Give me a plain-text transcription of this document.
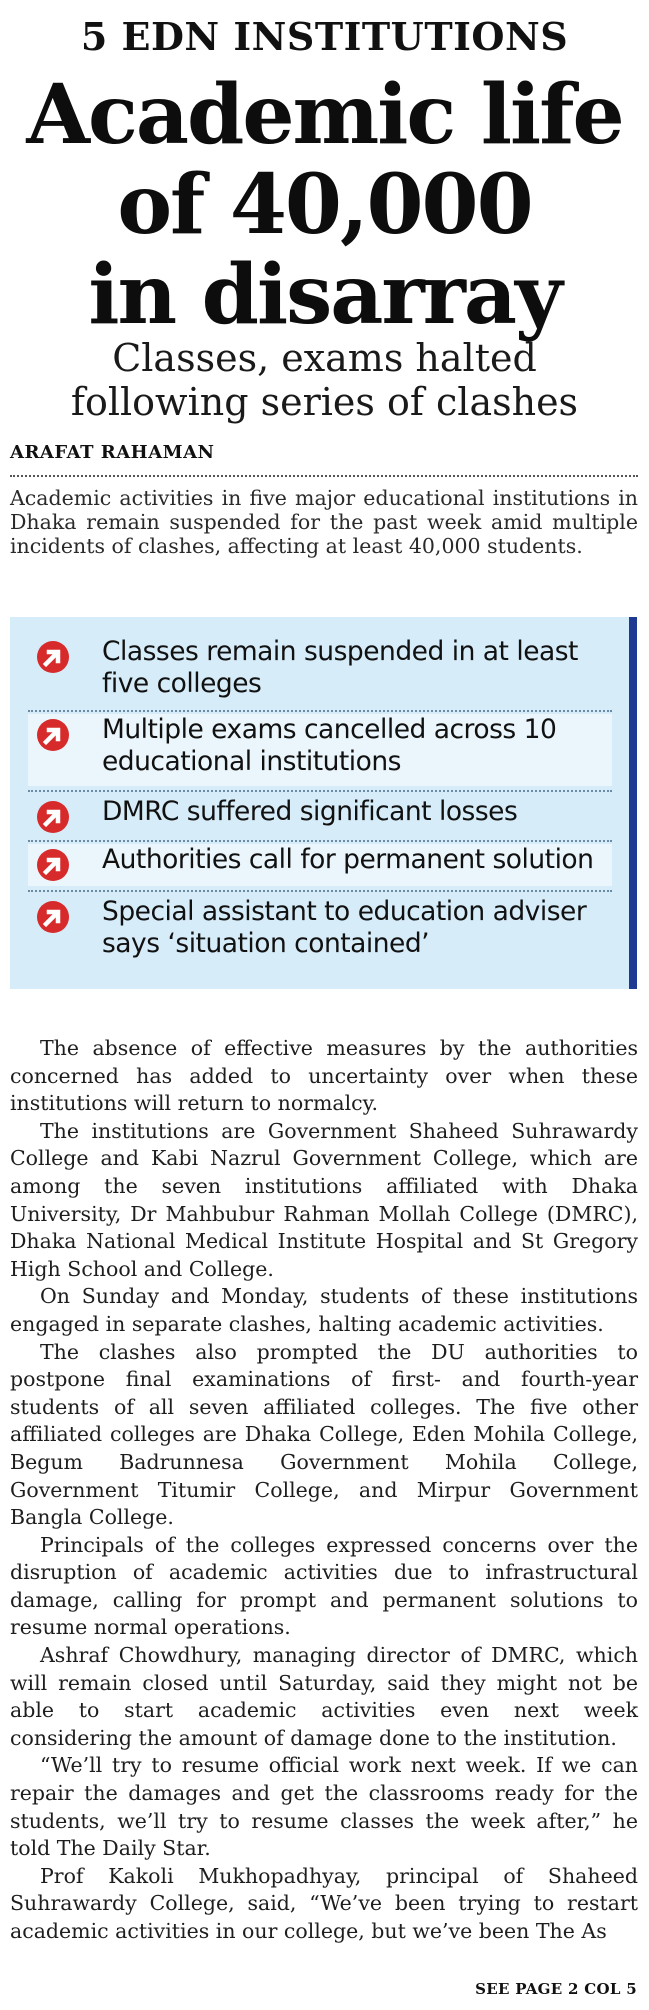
5 EDN INSTITUTIONS
Academic life
of 40,000
in disarray
Classes, exams halted
following series of clashes
ARAFAT RAHAMAN
Academic activities in five major educational institutions in Dhaka remain suspended for the past week amid multiple incidents of clashes, affecting at least 40,000 students.
Classes remain suspended in at least
five colleges
Multiple exams cancelled across 10
educational institutions
DMRC suffered significant losses
Authorities call for permanent solution
Special assistant to education adviser
says ‘situation contained’

The absence of effective measures by the authorities concerned has added to uncertainty over when these institutions will return to normalcy.

The institutions are Government Shaheed Suhrawardy College and Kabi Nazrul Government College, which are among the seven institutions affiliated with Dhaka University, Dr Mahbubur Rahman Mollah College (DMRC), Dhaka National Medical Institute Hospital and St Gregory High School and College.

On Sunday and Monday, students of these institutions engaged in separate clashes, halting academic activities.

The clashes also prompted the DU authorities to postpone final examinations of first- and fourth-year students of all seven affiliated colleges. The five other affiliated colleges are Dhaka College, Eden Mohila College, Begum Badrunnesa Government Mohila College, Government Titumir College, and Mirpur Government Bangla College.

Principals of the colleges expressed concerns over the disruption of academic activities due to infrastructural damage, calling for prompt and permanent solutions to resume normal operations.

Ashraf Chowdhury, managing director of DMRC, which will remain closed until Saturday, said they might not be able to start academic activities even next week considering the amount of damage done to the institution.

“We’ll try to resume official work next week. If we can repair the damages and get the classrooms ready for the students, we’ll try to resume classes the week after,” he told The Daily Star.

Prof Kakoli Mukhopadhyay, principal of Shaheed Suhrawardy College, said, “We’ve been trying to restart academic activities in our college, but we’ve been The As

SEE PAGE 2 COL 5
